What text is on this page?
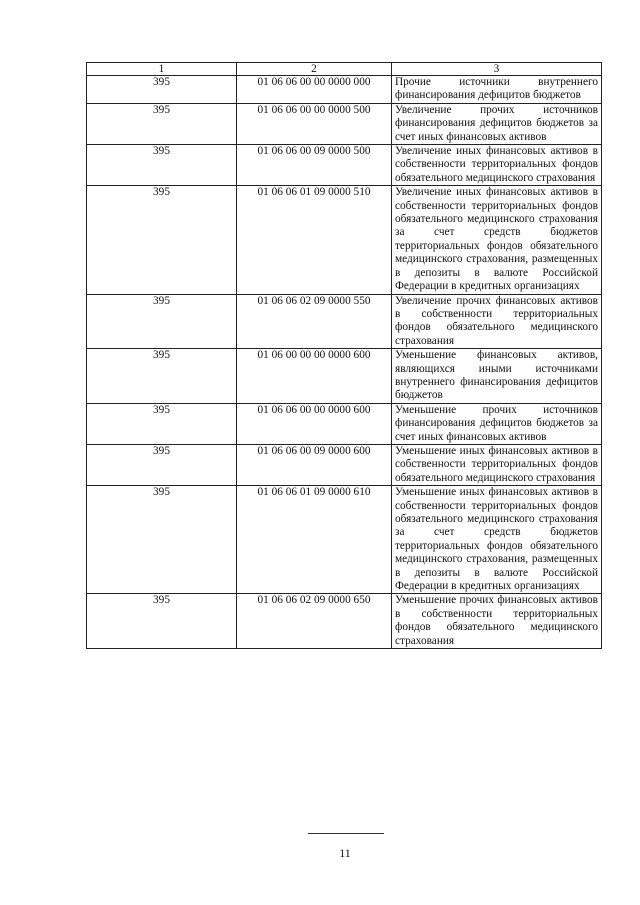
1	2	3
395	01 06 06 00 00 0000 000	Прочие источники внутреннего финансирования дефицитов бюджетов
395	01 06 06 00 00 0000 500	Увеличение прочих источников финансирования дефицитов бюджетов за счет иных финансовых активов
395	01 06 06 00 09 0000 500	Увеличение иных финансовых активов в собственности территориальных фондов обязательного медицинского страхования
395	01 06 06 01 09 0000 510	Увеличение иных финансовых активов в собственности территориальных фондов обязательного медицинского страхования за счет средств бюджетов территориальных фондов обязательного медицинского страхования, размещенных в депозиты в валюте Российской Федерации в кредитных организациях
395	01 06 06 02 09 0000 550	Увеличение прочих финансовых активов в собственности территориальных фондов обязательного медицинского страхования
395	01 06 00 00 00 0000 600	Уменьшение финансовых активов, являющихся иными источниками внутреннего финансирования дефицитов бюджетов
395	01 06 06 00 00 0000 600	Уменьшение прочих источников финансирования дефицитов бюджетов за счет иных финансовых активов
395	01 06 06 00 09 0000 600	Уменьшение иных финансовых активов в собственности территориальных фондов обязательного медицинского страхования
395	01 06 06 01 09 0000 610	Уменьшение иных финансовых активов в собственности территориальных фондов обязательного медицинского страхования за счет средств бюджетов территориальных фондов обязательного медицинского страхования, размещенных в депозиты в валюте Российской Федерации в кредитных организациях
395	01 06 06 02 09 0000 650	Уменьшение прочих финансовых активов в собственности территориальных фондов обязательного медицинского страхования
11
